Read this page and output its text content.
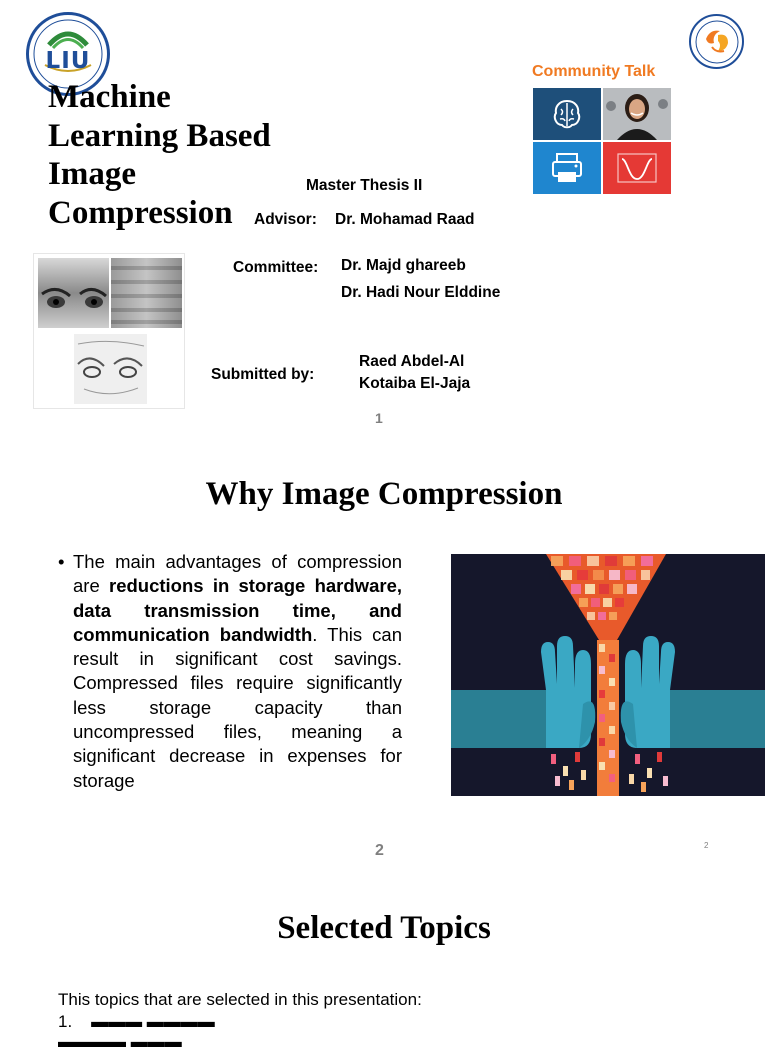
LIU
Machine
Learning Based
Image
Compression
Master Thesis II
Advisor: Dr. Mohamad Raad
Committee: Dr. Majd ghareeb
Dr. Hadi Nour Elddine
Submitted by:
Raed Abdel-Al
Kotaiba El-Jaja
Community Talk
1
Why Image Compression
• The main advantages of compression are reductions in storage hardware, data transmission time, and communication bandwidth. This can result in significant cost savings. Compressed files require significantly less storage capacity than uncompressed files, meaning a significant decrease in expenses for storage
2	2
Selected Topics
This topics that are selected in this presentation:
1.    ▬▬▬ ▬▬▬▬ ▬▬▬▬ ▬▬▬
